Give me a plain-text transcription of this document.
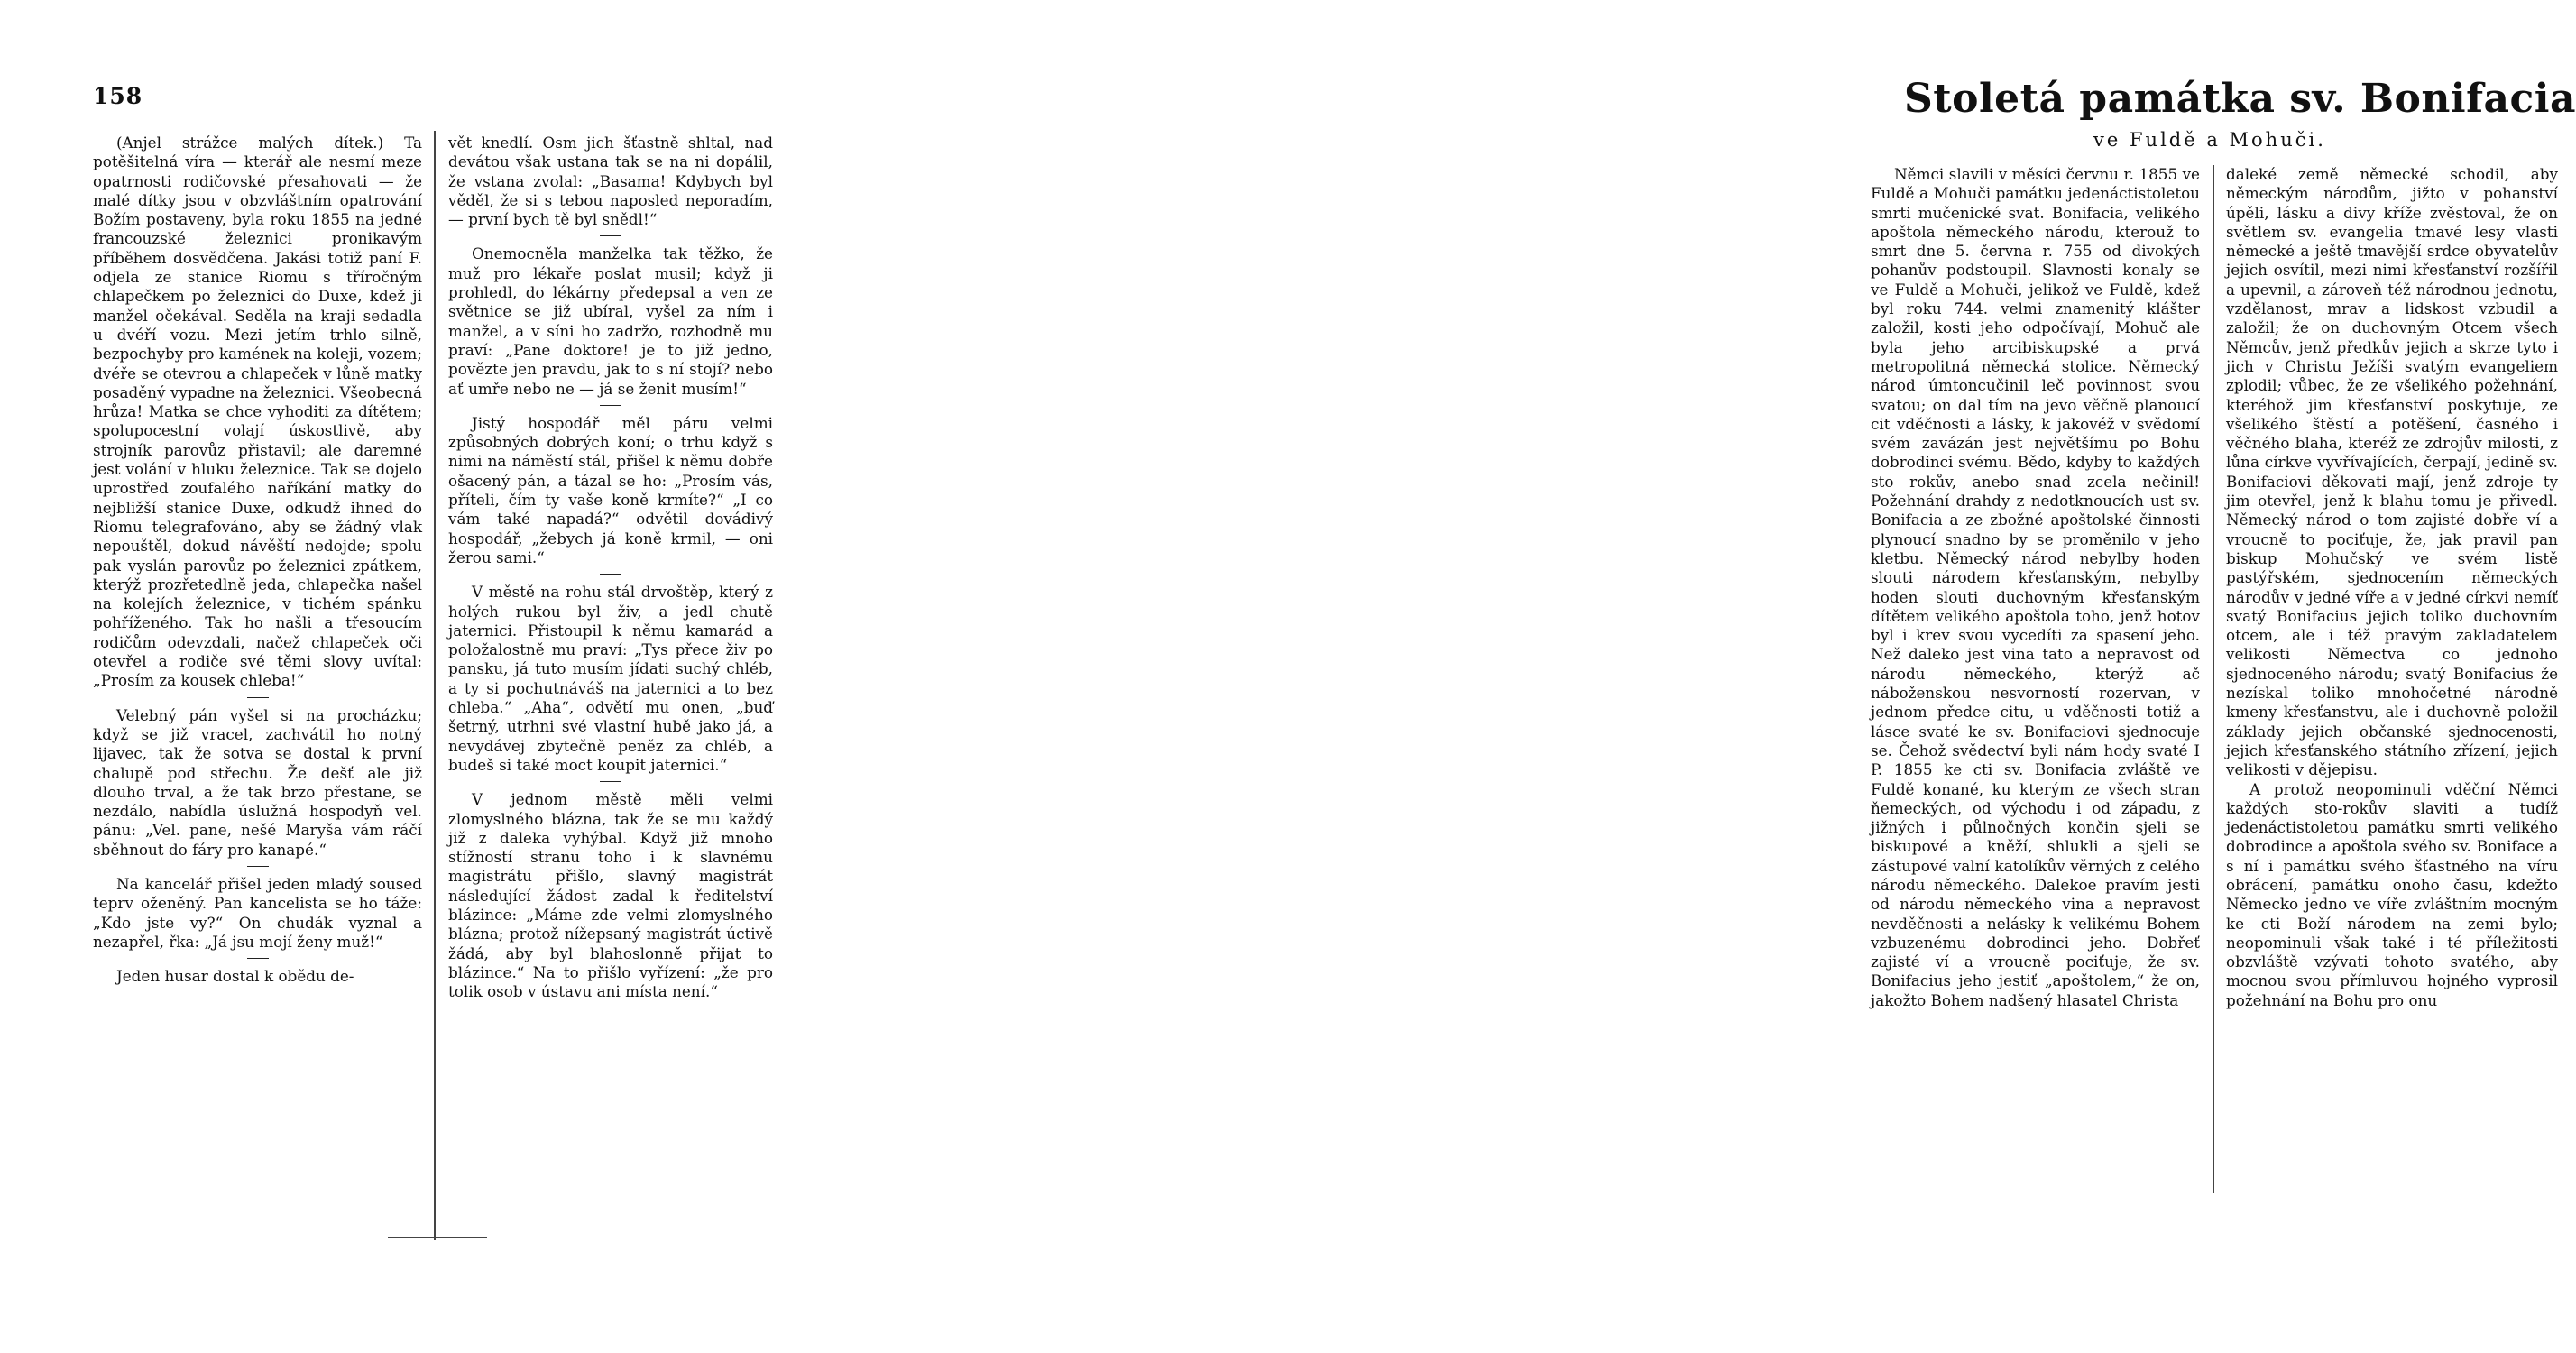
158

(Anjel strážce malých dítek.) Ta potěšitelná víra — kterář ale nesmí meze opatrnosti rodičovské přesahovati — že malé dítky jsou v obzvláštním opatrování Božím postaveny, byla roku 1855 na jedné francouzské železnici pronikavým příběhem dosvědčena. Jakási totiž paní F. odjela ze stanice Riomu s tříročným chlapečkem po železnici do Duxe, kdež ji manžel očekával. Seděla na kraji sedadla u dvéří vozu. Mezi jetím trhlo silně, bezpochyby pro kamének na koleji, vozem; dvéře se otevrou a chlapeček v lůně matky posaděný vypadne na železnici. Všeobecná hrůza! Matka se chce vyhoditi za dítětem; spolupocestní volají úskostlivě, aby strojník parovůz přistavil; ale daremné jest volání v hluku železnice. Tak se dojelo uprostřed zoufalého naříkání matky do nejbližší stanice Duxe, odkudž ihned do Riomu telegrafováno, aby se žádný vlak nepouštěl, dokud návěští nedojde; spolu pak vyslán parovůz po železnici zpátkem, kterýž prozřetedlně jeda, chlapečka našel na kolejích železnice, v tichém spánku pohříženého. Tak ho našli a třesoucím rodičům odevzdali, načež chlapeček oči otevřel a rodiče své těmi slovy uvítal: „Prosím za kousek chleba!“

Velebný pán vyšel si na procházku; když se již vracel, zachvátil ho notný lijavec, tak že sotva se dostal k první chalupě pod střechu. Že dešť ale již dlouho trval, a že tak brzo přestane, se nezdálo, nabídla úslužná hospodyň vel. pánu: „Vel. pane, nešé Maryša vám ráčí sběhnout do fáry pro kanapé.“

Na kancelář přišel jeden mladý soused teprv oženěný. Pan kancelista se ho táže: „Kdo jste vy?“ On chudák vyznal a nezapřel, řka: „Já jsu mojí ženy muž!“

Jeden husar dostal k obědu de-

vět knedlí. Osm jich šťastně shltal, nad devátou však ustana tak se na ni dopálil, že vstana zvolal: „Basama! Kdybych byl věděl, že si s tebou naposled neporadím, — první bych tě byl snědl!“

Onemocněla manželka tak těžko, že muž pro lékaře poslat musil; když ji prohledl, do lékárny předepsal a ven ze světnice se již ubíral, vyšel za ním i manžel, a v síni ho zadržo, rozhodně mu praví: „Pane doktore! je to již jedno, povězte jen pravdu, jak to s ní stojí? nebo ať umře nebo ne — já se ženit musím!“

Jistý hospodář měl páru velmi způsobných dobrých koní; o trhu když s nimi na náměstí stál, přišel k němu dobře ošacený pán, a tázal se ho: „Prosím vás, příteli, čím ty vaše koně krmíte?“ „I co vám také napadá?“ odvětil dovádivý hospodář, „žebych já koně krmil, — oni žerou sami.“

V městě na rohu stál drvoštěp, který z holých rukou byl živ, a jedl chutě jaternici. Přistoupil k němu kamarád a položalostně mu praví: „Tys přece živ po pansku, já tuto musím jídati suchý chléb, a ty si pochutnáváš na jaternici a to bez chleba.“ „Aha“, odvětí mu onen, „buď šetrný, utrhni své vlastní hubě jako já, a nevydávej zbytečně peněz za chléb, a budeš si také moct koupit jaternici.“

V jednom městě měli velmi zlomyslného blázna, tak že se mu každý již z daleka vyhýbal. Když již mnoho stížností stranu toho i k slavnému magistrátu přišlo, slavný magistrát následující žádost zadal k ředitelství blázince: „Máme zde velmi zlomyslného blázna; protož nížepsaný magistrát úctivě žádá, aby byl blahoslonně přijat to blázince.“ Na to přišlo vyřízení: „že pro tolik osob v ústavu ani místa není.“

Stoletá památka sv. Bonifacia
ve Fuldě a Mohuči.

Němci slavili v měsíci červnu r. 1855 ve Fuldě a Mohuči památku jedenáctistoletou smrti mučenické svat. Bonifacia, velikého apoštola německého národu, kterouž to smrt dne 5. června r. 755 od divokých pohanův podstoupil. Slavnosti konaly se ve Fuldě a Mohuči, jelikož ve Fuldě, kdež byl roku 744. velmi znamenitý klášter založil, kosti jeho odpočívají, Mohuč ale byla jeho arcibiskupské a prvá metropolitná německá stolice. Německý národ úmtoncučinil leč povinnost svou svatou; on dal tím na jevo věčně planoucí cit vděčnosti a lásky, k jakovéž v svědomí svém zavázán jest největšímu po Bohu dobrodinci svému. Bědo, kdyby to každých sto rokův, anebo snad zcela nečinil! Požehnání drahdy z nedotknoucích ust sv. Bonifacia a ze zbožné apoštolské činnosti plynoucí snadno by se proměnilo v jeho kletbu. Německý národ nebylby hoden slouti národem křesťanským, nebylby hoden slouti duchovným křesťanským dítětem velikého apoštola toho, jenž hotov byl i krev svou vycedíti za spasení jeho. Než daleko jest vina tato a nepravost od národu německého, kterýž ač náboženskou nesvorností rozervan, v jednom předce citu, u vděčnosti totiž a lásce svaté ke sv. Bonifaciovi sjednocuje se. Čehož svědectví byli nám hody svaté I P. 1855 ke cti sv. Bonifacia zvláště ve Fuldě konané, ku kterým ze všech stran ňemeckých, od východu i od západu, z jižných i půlnočných končin sjeli se biskupové a kněží, shlukli a sjeli se zástupové valní katolíkův věrných z celého národu německého. Dalekoe pravím jesti od národu německého vina a nepravost nevděčnosti a nelásky k velikému Bohem vzbuzenému dobrodinci jeho. Dobřeť zajisté ví a vroucně pociťuje, že sv. Bonifacius jeho jestiť „apoštolem,“ že on, jakožto Bohem nadšený hlasatel Christa

daleké země německé schodil, aby německým národům, jižto v pohanství úpěli, lásku a divy kříže zvěstoval, že on světlem sv. evangelia tmavé lesy vlasti německé a ještě tmavější srdce obyvatelův jejich osvítil, mezi nimi křesťanství rozšířil a upevnil, a zároveň též národnou jednotu, vzdělanost, mrav a lidskost vzbudil a založil; že on duchovným Otcem všech Němcův, jenž předkův jejich a skrze tyto i jich v Christu Ježíši svatým evangeliem zplodil; vůbec, že ze všelikého požehnání, kteréhož jim křesťanství poskytuje, ze všelikého štěstí a potěšení, časného i věčného blaha, kteréž ze zdrojův milosti, z lůna církve vyvřívajících, čerpají, jedině sv. Bonifaciovi děkovati mají, jenž zdroje ty jim otevřel, jenž k blahu tomu je přivedl. Německý národ o tom zajisté dobře ví a vroucně to pociťuje, že, jak pravil pan biskup Mohučský ve svém listě pastýřském, sjednocením německých národův v jedné víře a v jedné církvi nemíť svatý Bonifacius jejich toliko duchovním otcem, ale i též pravým zakladatelem velikosti Němectva co jednoho sjednoceného národu; svatý Bonifacius že nezískal toliko mnohočetné národně kmeny křesťanstvu, ale i duchovně položil základy jejich občanské sjednocenosti, jejich křesťanského státního zřízení, jejich velikosti v dějepisu.

A protož neopominuli vděční Němci každých sto-rokův slaviti a tudíž jedenáctistoletou památku smrti velikého dobrodince a apoštola svého sv. Boniface a s ní i památku svého šťastného na víru obrácení, památku onoho času, kdežto Německo jedno ve víře zvláštním mocným ke cti Boží národem na zemi bylo; neopominuli však také i té příležitosti obzvláště vzývati tohoto svatého, aby mocnou svou přímluvou hojného vyprosil požehnání na Bohu pro onu
